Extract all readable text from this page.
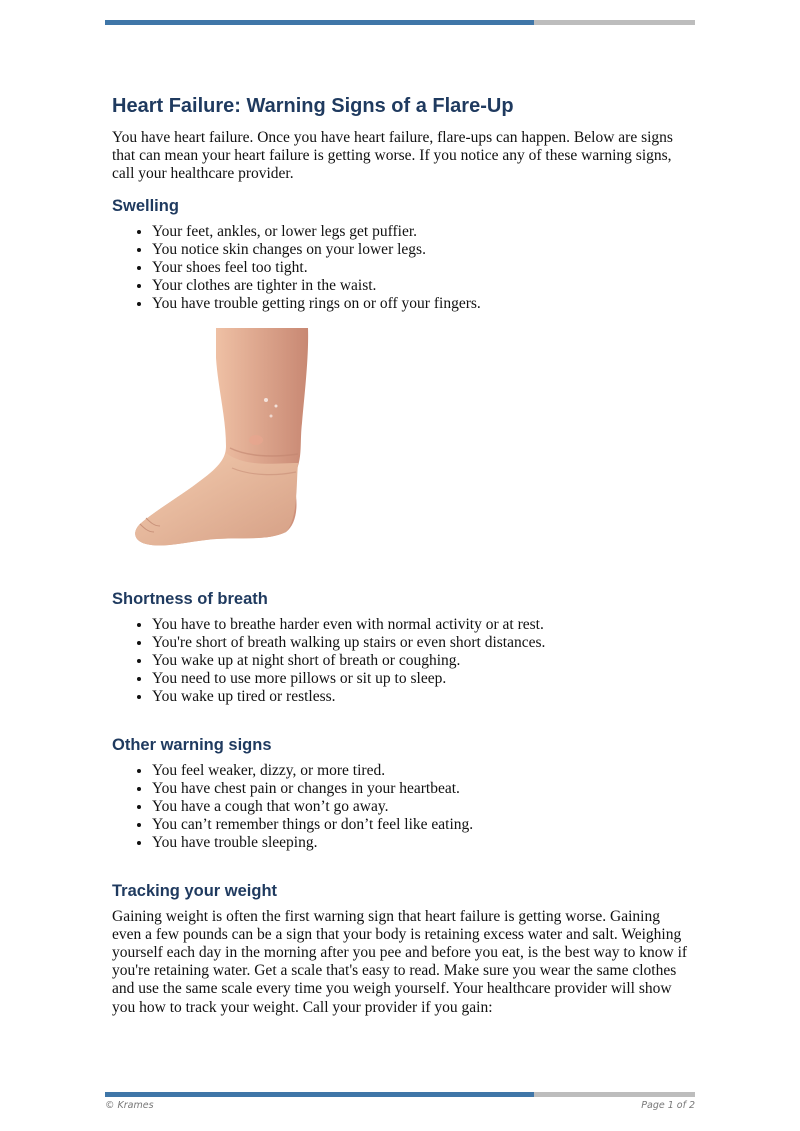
Heart Failure: Warning Signs of a Flare-Up

You have heart failure. Once you have heart failure, flare-ups can happen. Below are signs that can mean your heart failure is getting worse. If you notice any of these warning signs, call your healthcare provider.

Swelling
• Your feet, ankles, or lower legs get puffier.
• You notice skin changes on your lower legs.
• Your shoes feel too tight.
• Your clothes are tighter in the waist.
• You have trouble getting rings on or off your fingers.
Shortness of breath
• You have to breathe harder even with normal activity or at rest.
• You're short of breath walking up stairs or even short distances.
• You wake up at night short of breath or coughing.
• You need to use more pillows or sit up to sleep.
• You wake up tired or restless.
Other warning signs
• You feel weaker, dizzy, or more tired.
• You have chest pain or changes in your heartbeat.
• You have a cough that won’t go away.
• You can’t remember things or don’t feel like eating.
• You have trouble sleeping.
Tracking your weight

Gaining weight is often the first warning sign that heart failure is getting worse. Gaining even a few pounds can be a sign that your body is retaining excess water and salt. Weighing yourself each day in the morning after you pee and before you eat, is the best way to know if you're retaining water. Get a scale that's easy to read. Make sure you wear the same clothes and use the same scale every time you weigh yourself. Your healthcare provider will show you how to track your weight. Call your provider if you gain:

© Krames	Page 1 of 2
